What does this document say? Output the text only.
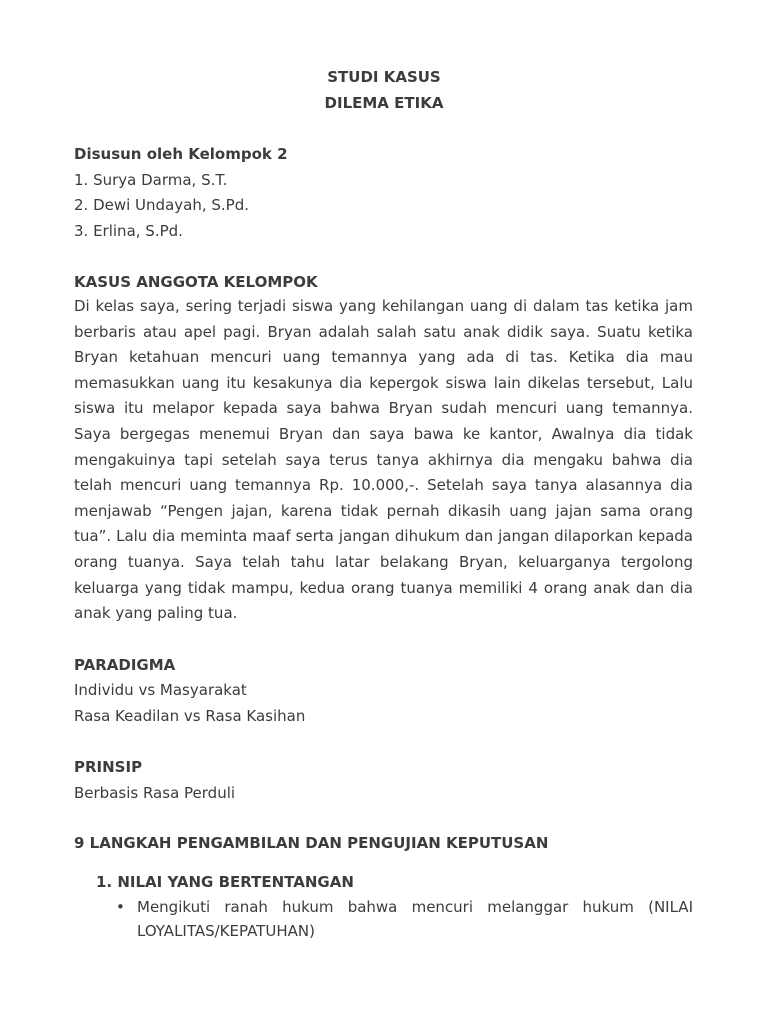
STUDI KASUS
DILEMA ETIKA
Disusun oleh Kelompok 2
1. Surya Darma, S.T.
2. Dewi Undayah, S.Pd.
3. Erlina, S.Pd.
KASUS ANGGOTA KELOMPOK
Di kelas saya, sering terjadi siswa yang kehilangan uang di dalam tas ketika jam berbaris atau apel pagi. Bryan adalah salah satu anak didik saya. Suatu ketika Bryan ketahuan mencuri uang temannya yang ada di tas. Ketika dia mau memasukkan uang itu kesakunya dia kepergok siswa lain dikelas tersebut, Lalu siswa itu melapor kepada saya bahwa Bryan sudah mencuri uang temannya. Saya bergegas menemui Bryan dan saya bawa ke kantor, Awalnya dia tidak mengakuinya tapi setelah saya terus tanya akhirnya dia mengaku bahwa dia telah mencuri uang temannya Rp. 10.000,-. Setelah saya tanya alasannya dia menjawab “Pengen jajan, karena tidak pernah dikasih uang jajan sama orang tua”. Lalu dia meminta maaf serta jangan dihukum dan jangan dilaporkan kepada orang tuanya. Saya telah tahu latar belakang Bryan, keluarganya tergolong keluarga yang tidak mampu, kedua orang tuanya memiliki 4 orang anak dan dia anak yang paling tua.
PARADIGMA
Individu vs Masyarakat
Rasa Keadilan vs Rasa Kasihan
PRINSIP
Berbasis Rasa Perduli
9 LANGKAH PENGAMBILAN DAN PENGUJIAN KEPUTUSAN
1. NILAI YANG BERTENTANGAN
• Mengikuti ranah hukum bahwa mencuri melanggar hukum (NILAI LOYALITAS/KEPATUHAN)
